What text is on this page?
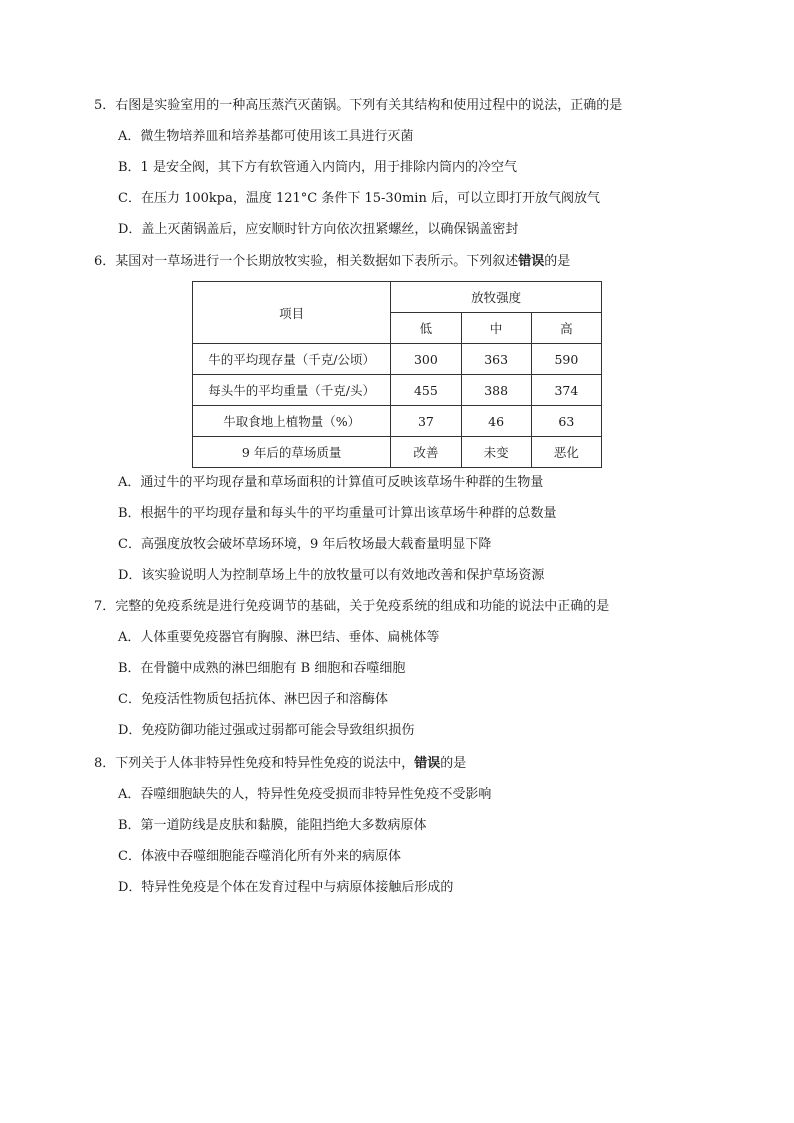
5．右图是实验室用的一种高压蒸汽灭菌锅。下列有关其结构和使用过程中的说法，正确的是
A．微生物培养皿和培养基都可使用该工具进行灭菌
B．1 是安全阀，其下方有软管通入内筒内，用于排除内筒内的冷空气
C．在压力 100kpa，温度 121°C 条件下 15-30min 后，可以立即打开放气阀放气
D．盖上灭菌锅盖后，应安顺时针方向依次扭紧螺丝，以确保锅盖密封
6．某国对一草场进行一个长期放牧实验，相关数据如下表所示。下列叙述错误的是
项目	放牧强度		
	低	中	高
牛的平均现存量（千克/公顷）	300	363	590
每头牛的平均重量（千克/头）	455	388	374
牛取食地上植物量（%）	37	46	63
9 年后的草场质量	改善	未变	恶化
A．通过牛的平均现存量和草场面积的计算值可反映该草场牛种群的生物量
B．根据牛的平均现存量和每头牛的平均重量可计算出该草场牛种群的总数量
C．高强度放牧会破坏草场环境，9 年后牧场最大载畜量明显下降
D．该实验说明人为控制草场上牛的放牧量可以有效地改善和保护草场资源
7．完整的免疫系统是进行免疫调节的基础，关于免疫系统的组成和功能的说法中正确的是
A．人体重要免疫器官有胸腺、淋巴结、垂体、扁桃体等
B．在骨髓中成熟的淋巴细胞有 B 细胞和吞噬细胞
C．免疫活性物质包括抗体、淋巴因子和溶酶体
D．免疫防御功能过强或过弱都可能会导致组织损伤
8．下列关于人体非特异性免疫和特异性免疫的说法中，错误的是
A．吞噬细胞缺失的人，特异性免疫受损而非特异性免疫不受影响
B．第一道防线是皮肤和黏膜，能阻挡绝大多数病原体
C．体液中吞噬细胞能吞噬消化所有外来的病原体
D．特异性免疫是个体在发育过程中与病原体接触后形成的
